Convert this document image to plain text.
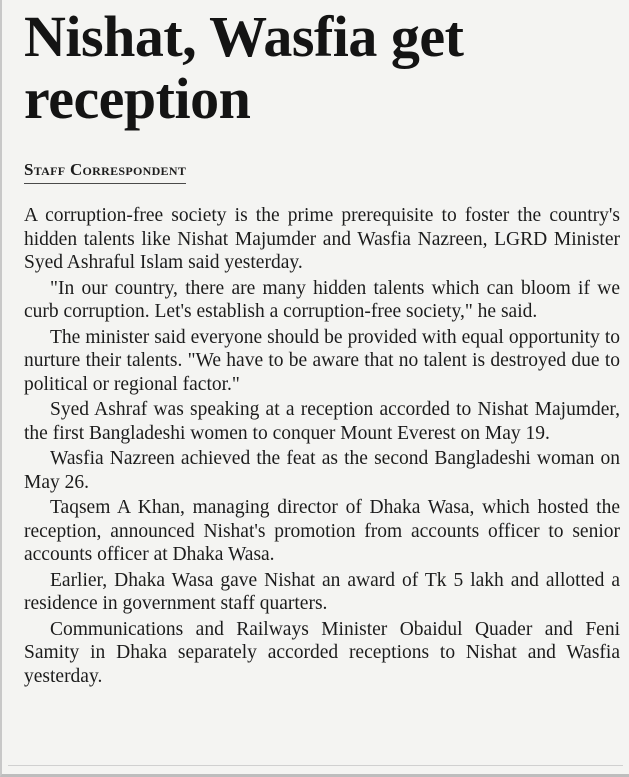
Nishat, Wasfia get reception
Staff Correspondent

A corruption-free society is the prime prerequisite to foster the country's hidden talents like Nishat Majumder and Wasfia Nazreen, LGRD Minister Syed Ashraful Islam said yesterday.

"In our country, there are many hidden talents which can bloom if we curb corruption. Let's establish a corruption-free society," he said.

The minister said everyone should be provided with equal opportunity to nurture their talents. "We have to be aware that no talent is destroyed due to political or regional factor."

Syed Ashraf was speaking at a reception accorded to Nishat Majumder, the first Bangladeshi women to conquer Mount Everest on May 19.

Wasfia Nazreen achieved the feat as the second Bangladeshi woman on May 26.

Taqsem A Khan, managing director of Dhaka Wasa, which hosted the reception, announced Nishat's promotion from accounts officer to senior accounts officer at Dhaka Wasa.

Earlier, Dhaka Wasa gave Nishat an award of Tk 5 lakh and allotted a residence in government staff quarters.

Communications and Railways Minister Obaidul Quader and Feni Samity in Dhaka separately accorded receptions to Nishat and Wasfia yesterday.
